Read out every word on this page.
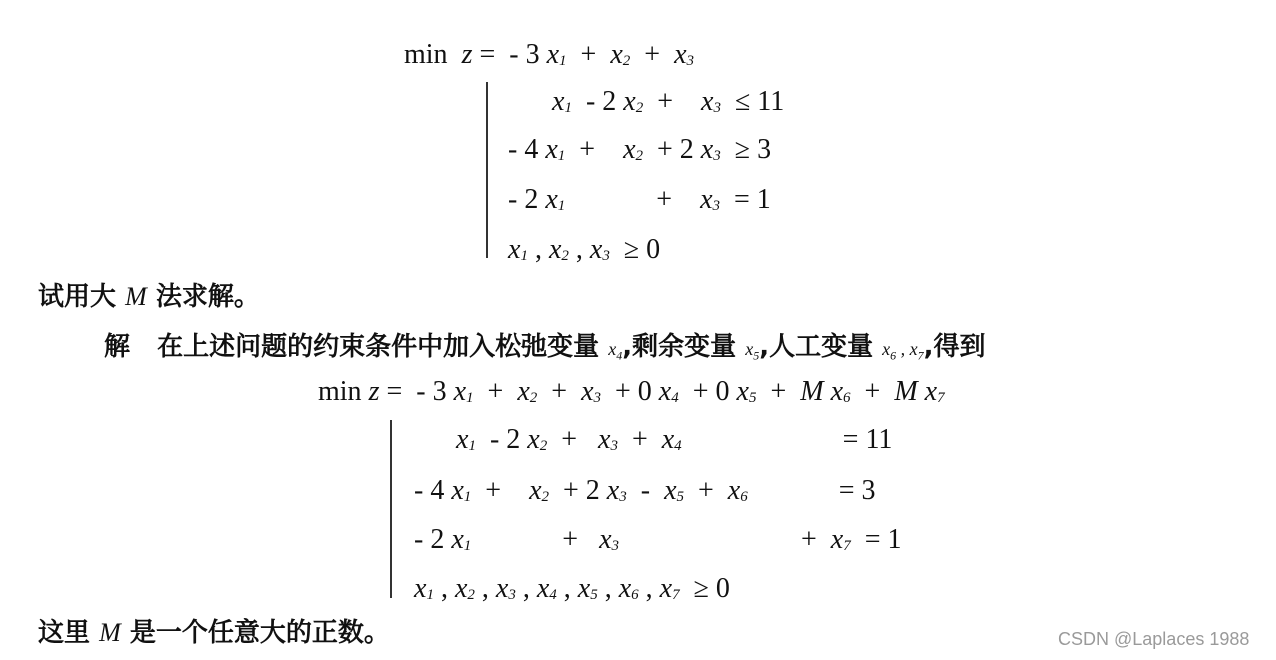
min  z =  - 3 x1  +  x2  +  x3
x1  - 2 x2  +    x3  ≤ 11
- 4 x1  +    x2  + 2 x3  ≥ 3
- 2 x1             +    x3  = 1
x1 , x2 , x3  ≥ 0
试用大 M 法求解。
解 在上述问题的约束条件中加入松弛变量 $x_4$,剩余变量 $x_5$,人工变量 $x_6$ , $x_7$,得到
min z =  - 3 x1  +  x2  +  x3  + 0 x4  + 0 x5  +  M x6  +  M x7
x1  - 2 x2  +   x3  +  x4                       = 11
- 4 x1  +    x2  + 2 x3  -  x5  +  x6             = 3
- 2 x1             +   x3                          +  x7  = 1
x1 , x2 , x3 , x4 , x5 , x6 , x7  ≥ 0
这里 M 是一个任意大的正数。	CSDN @Laplaces 1988
